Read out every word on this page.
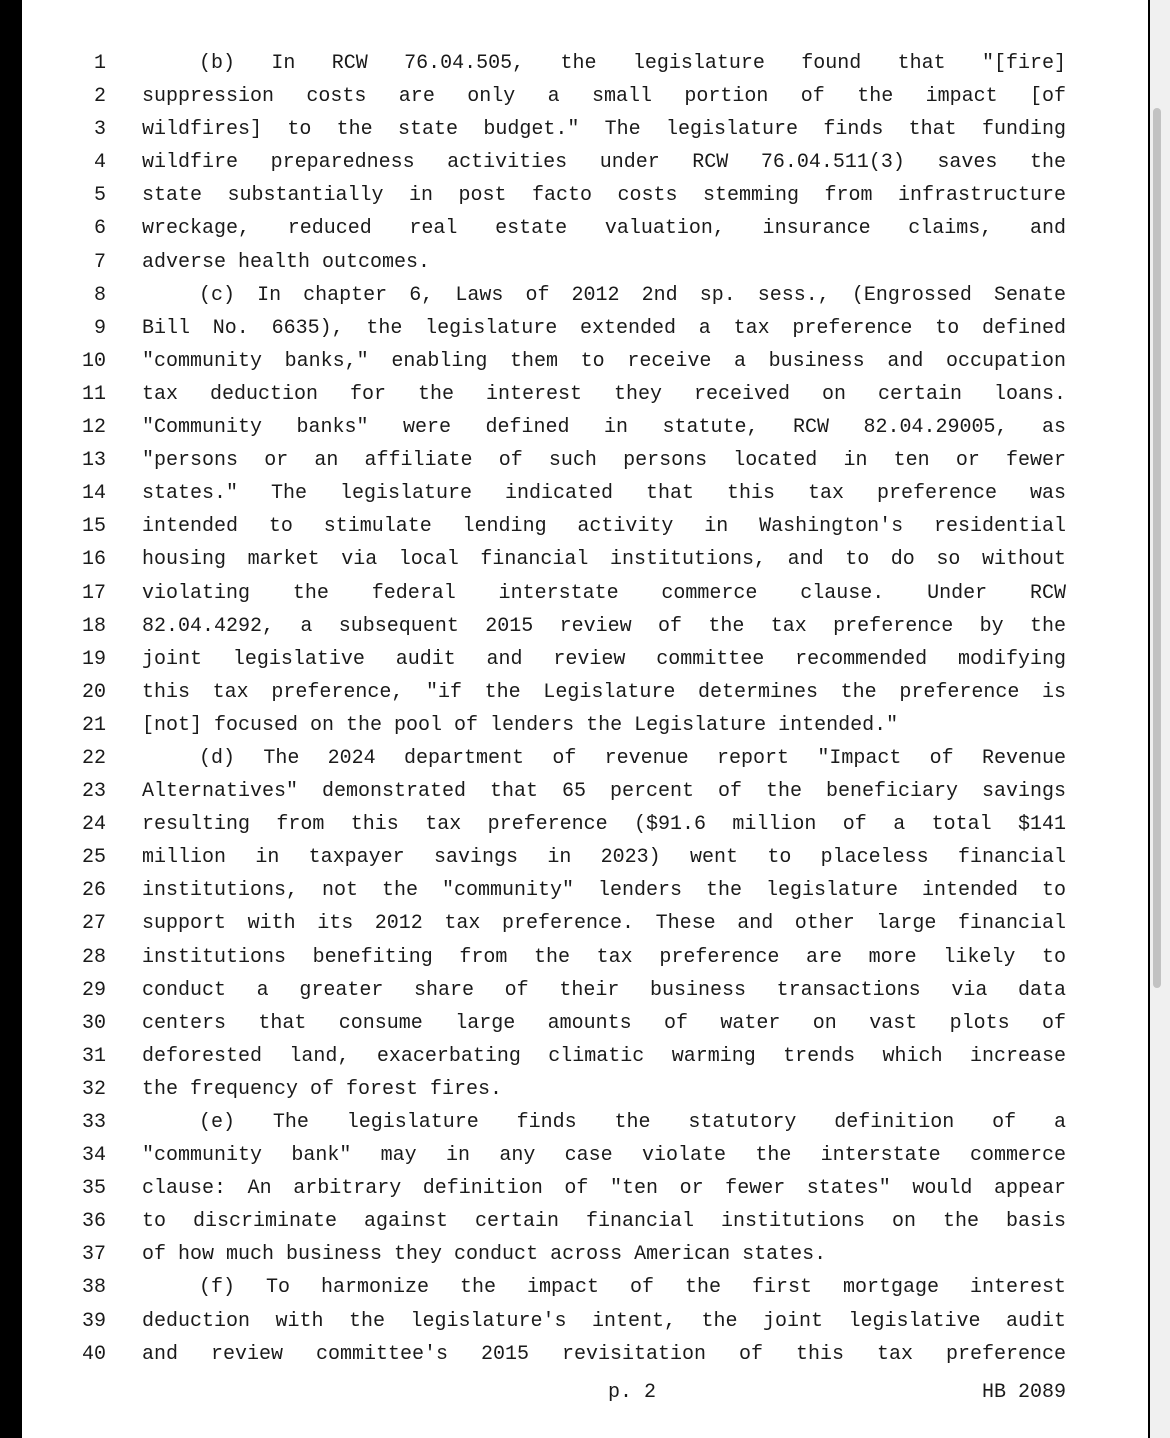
1	(b) In RCW 76.04.505, the legislature found that "[fire]
2 suppression costs are only a small portion of the impact [of
3 wildfires] to the state budget." The legislature finds that funding
4 wildfire preparedness activities under RCW 76.04.511(3) saves the
5 state substantially in post facto costs stemming from infrastructure
6 wreckage, reduced real estate valuation, insurance claims, and
7 adverse health outcomes.
8	(c) In chapter 6, Laws of 2012 2nd sp. sess., (Engrossed Senate
9 Bill No. 6635), the legislature extended a tax preference to defined
10 "community banks," enabling them to receive a business and occupation
11 tax deduction for the interest they received on certain loans.
12 "Community banks" were defined in statute, RCW 82.04.29005, as
13 "persons or an affiliate of such persons located in ten or fewer
14 states." The legislature indicated that this tax preference was
15 intended to stimulate lending activity in Washington's residential
16 housing market via local financial institutions, and to do so without
17 violating the federal interstate commerce clause. Under RCW
18 82.04.4292, a subsequent 2015 review of the tax preference by the
19 joint legislative audit and review committee recommended modifying
20 this tax preference, "if the Legislature determines the preference is
21 [not] focused on the pool of lenders the Legislature intended."
22	(d) The 2024 department of revenue report "Impact of Revenue
23 Alternatives" demonstrated that 65 percent of the beneficiary savings
24 resulting from this tax preference ($91.6 million of a total $141
25 million in taxpayer savings in 2023) went to placeless financial
26 institutions, not the "community" lenders the legislature intended to
27 support with its 2012 tax preference. These and other large financial
28 institutions benefiting from the tax preference are more likely to
29 conduct a greater share of their business transactions via data
30 centers that consume large amounts of water on vast plots of
31 deforested land, exacerbating climatic warming trends which increase
32 the frequency of forest fires.
33	(e) The legislature finds the statutory definition of a
34 "community bank" may in any case violate the interstate commerce
35 clause: An arbitrary definition of "ten or fewer states" would appear
36 to discriminate against certain financial institutions on the basis
37 of how much business they conduct across American states.
38	(f) To harmonize the impact of the first mortgage interest
39 deduction with the legislature's intent, the joint legislative audit
40 and review committee's 2015 revisitation of this tax preference
p. 2	HB 2089
